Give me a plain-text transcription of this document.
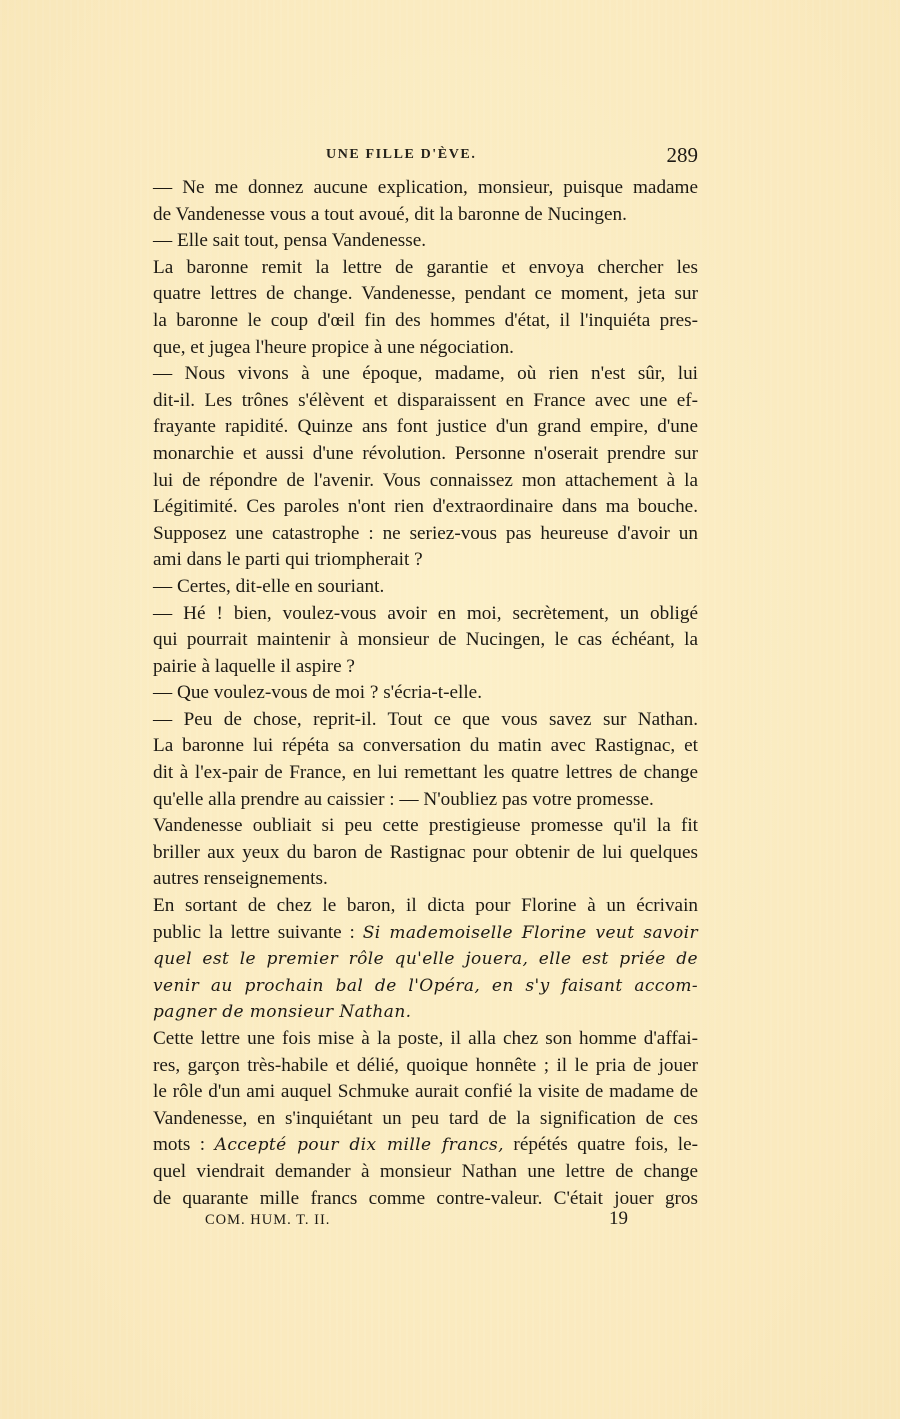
UNE FILLE D'ÈVE.	289
— Ne me donnez aucune explication, monsieur, puisque madame
de Vandenesse vous a tout avoué, dit la baronne de Nucingen.
— Elle sait tout, pensa Vandenesse.
La baronne remit la lettre de garantie et envoya chercher les
quatre lettres de change. Vandenesse, pendant ce moment, jeta sur
la baronne le coup d'œil fin des hommes d'état, il l'inquiéta pres-
que, et jugea l'heure propice à une négociation.
— Nous vivons à une époque, madame, où rien n'est sûr, lui
dit-il. Les trônes s'élèvent et disparaissent en France avec une ef-
frayante rapidité. Quinze ans font justice d'un grand empire, d'une
monarchie et aussi d'une révolution. Personne n'oserait prendre sur
lui de répondre de l'avenir. Vous connaissez mon attachement à la
Légitimité. Ces paroles n'ont rien d'extraordinaire dans ma bouche.
Supposez une catastrophe : ne seriez-vous pas heureuse d'avoir un
ami dans le parti qui triompherait ?
— Certes, dit-elle en souriant.
— Hé ! bien, voulez-vous avoir en moi, secrètement, un obligé
qui pourrait maintenir à monsieur de Nucingen, le cas échéant, la
pairie à laquelle il aspire ?
— Que voulez-vous de moi ? s'écria-t-elle.
— Peu de chose, reprit-il. Tout ce que vous savez sur Nathan.
La baronne lui répéta sa conversation du matin avec Rastignac, et
dit à l'ex-pair de France, en lui remettant les quatre lettres de change
qu'elle alla prendre au caissier : — N'oubliez pas votre promesse.
Vandenesse oubliait si peu cette prestigieuse promesse qu'il la fit
briller aux yeux du baron de Rastignac pour obtenir de lui quelques
autres renseignements.
En sortant de chez le baron, il dicta pour Florine à un écrivain
public la lettre suivante : Si mademoiselle Florine veut savoir
quel est le premier rôle qu'elle jouera, elle est priée de
venir au prochain bal de l'Opéra, en s'y faisant accom-
pagner de monsieur Nathan.
Cette lettre une fois mise à la poste, il alla chez son homme d'affai-
res, garçon très-habile et délié, quoique honnête ; il le pria de jouer
le rôle d'un ami auquel Schmuke aurait confié la visite de madame de
Vandenesse, en s'inquiétant un peu tard de la signification de ces
mots : Accepté pour dix mille francs, répétés quatre fois, le-
quel viendrait demander à monsieur Nathan une lettre de change
de quarante mille francs comme contre-valeur. C'était jouer gros
COM. HUM. T. II.	19
